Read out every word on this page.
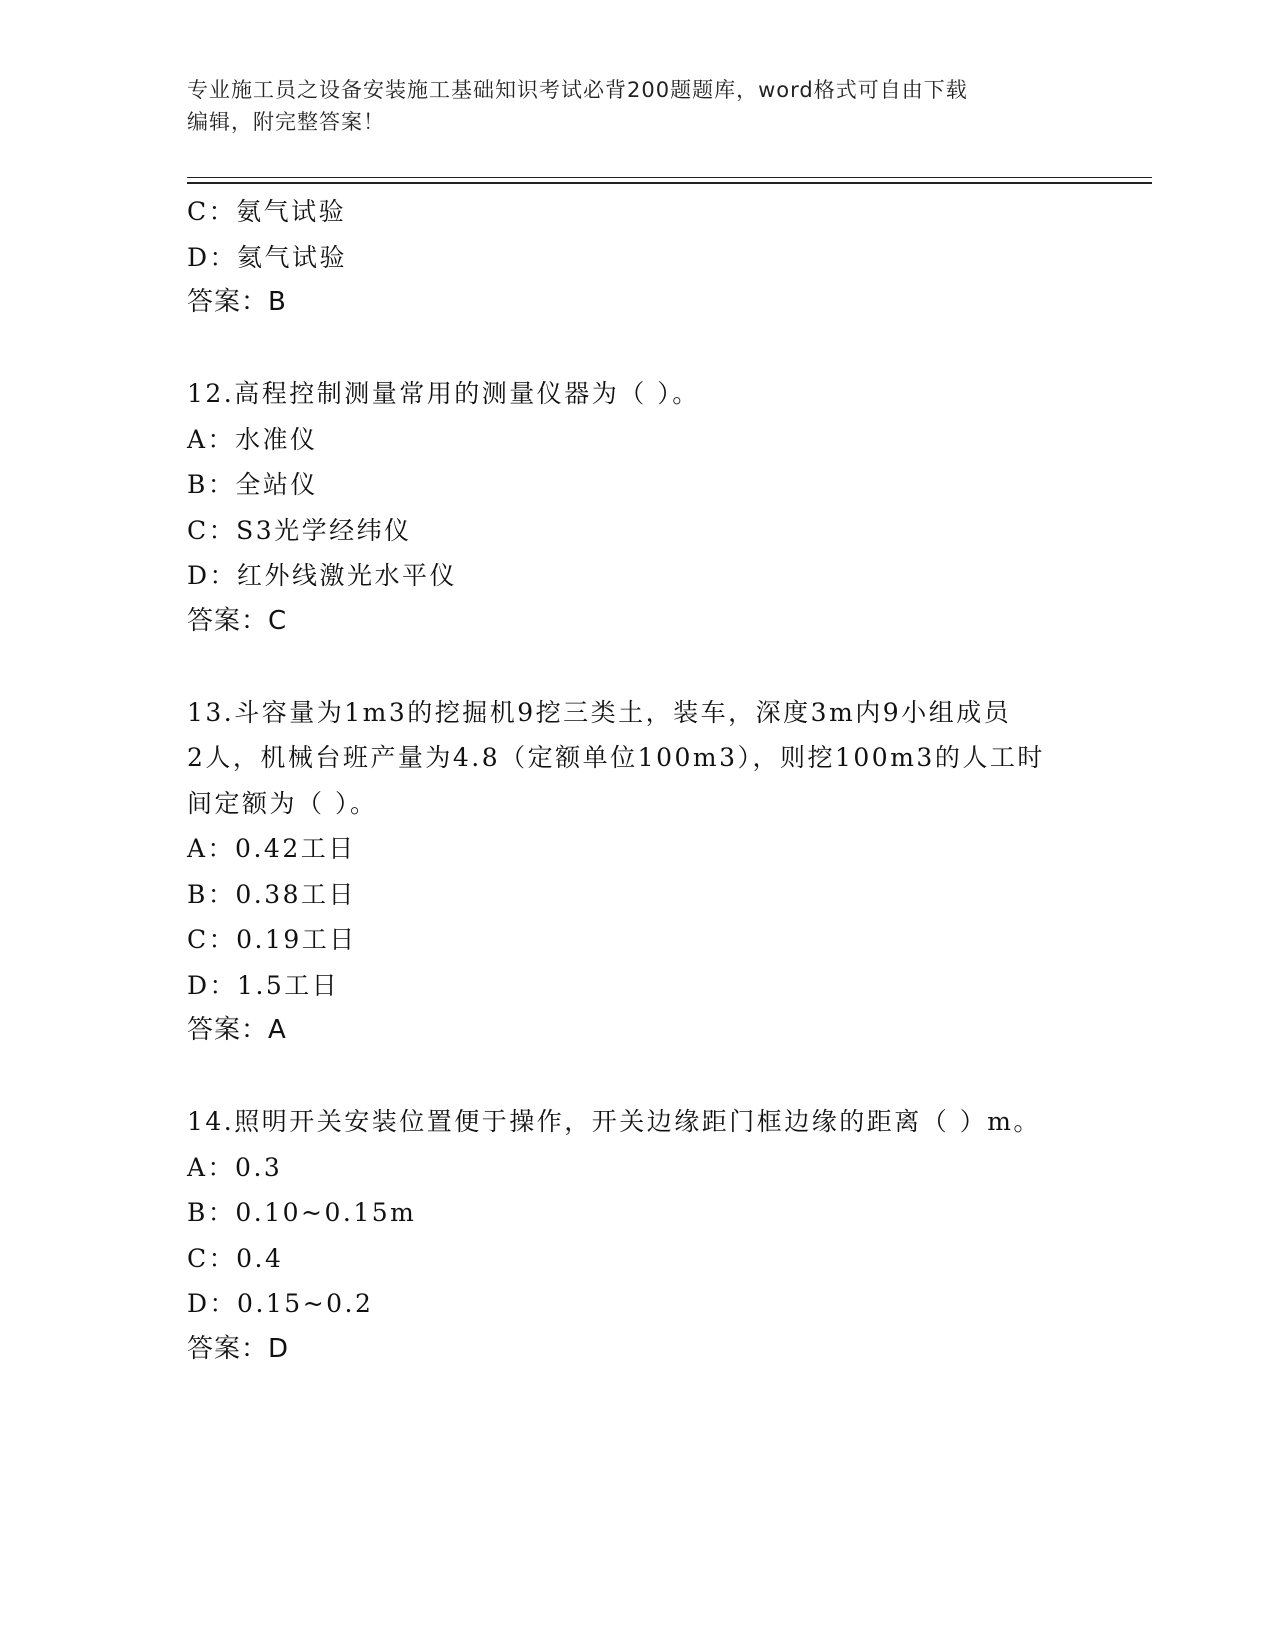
专业施工员之设备安装施工基础知识考试必背200题题库，word格式可自由下载
编辑，附完整答案！
C：氨气试验
D：氦气试验
答案：B
12.高程控制测量常用的测量仪器为（ ）。
A：水准仪
B：全站仪
C：S3光学经纬仪
D：红外线激光水平仪
答案：C
13.斗容量为1m3的挖掘机9挖三类土，装车，深度3m内9小组成员
2人，机械台班产量为4.8（定额单位100m3），则挖100m3的人工时
间定额为（ ）。
A：0.42工日
B：0.38工日
C：0.19工日
D：1.5工日
答案：A
14.照明开关安装位置便于操作，开关边缘距门框边缘的距离（ ）m。
A：0.3
B：0.10~0.15m
C：0.4
D：0.15~0.2
答案：D
